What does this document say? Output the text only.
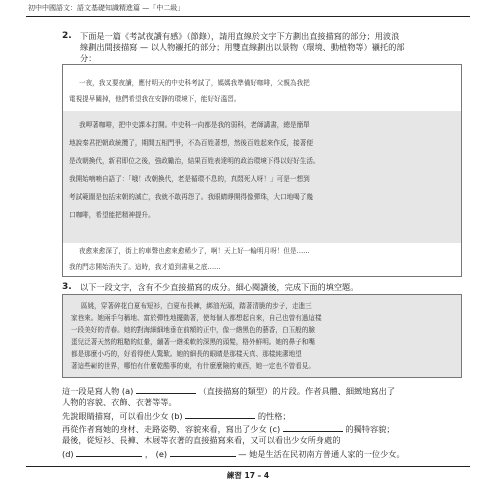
初中中國語文：語文基礎知識精進篇 —「中二級」
2. 下面是一篇《考試夜讀有感》（節錄），請用直線於文字下方劃出直接描寫的部分；用波浪
線劃出間接描寫 — 以人物襯托的部分；用雙直線劃出以景物（環境、動植物等）襯托的部
分：
一夜，我又要夜讀，應付明天的中史科考試了，媽媽我準備好咖啡，父親為我把
電視提早關掉，他們希望我在安靜的環境下，能好好溫習。
我呷著咖啡，把中史課本打開。中史科一向都是我的弱科，老師講書，總是簡單
地說秦君把朝政統攬了，期間五相門爭，不為百姓著想，然後百姓起來作反，接著便
是改朝換代，新君即位之後，強政勵治，結果百姓表達明的政治環境下得以好好生活。
我開始喃喃自語了：「哦！改朝換代，老是循環不息的，真悶死人呀！」可是一想到
考試範圍是包括宋朝的滅亡，我就不敢再怨了。我眼睛睜開得像彈珠，大口地喝了幾
口咖啡，希望能把精神提升。
夜愈來愈深了，街上的車聲也愈來愈稀少了，啊！天上好一輪明月呀！但是……
我的門志開始消失了。這時，我才道到書巢之底……
3. 以下一段文字，含有不少直接描寫的成分。細心閱讀後，完成下面的填空題。
區姚，穿著碎花白夏布短衫，白夏布長褲，綁油光頭，踏著清脆的步子，走進三
家巷來。她兩手勻稱地、富於彈性地擺動著，使每個人都想起自來，自己也曾有過這樣
一段美好的青春。她的對海細細地垂在前額的正中，像一綹黑色的藝香，白玉般的臉
蛋兒泛著天然的粗糙的紅暈，繃著一綹柔軟的深黑的頭髮，格外鮮明。她的鼻子和嘴
都是那麼小巧的，好看得使人驚歎。她的細長的眼睛是那樣天真、那樣純潔地望
著這些嶄的世界，哪怕有什麼乾酷事的東，有什麼麼險的東西，她一定也不曾看見。
這一段是寫人物 (a)	（直接描寫的類型）的片段。作者具體、細緻地寫出了
人物的容貌、衣飾、衣著等等。
先說眼睛描寫，可以看出少女 (b)	的性格；
再從作者寫她的身材、走路姿勢、容貌來看，寫出了少女 (c)	的獨特容貌；
最後，從短衫、長褲、木屐等衣著的直接描寫來看，又可以看出少女所身處的
(d)	， (e)	— 她是生活在民初南方普通人家的一位少女。
練習 17 – 4
